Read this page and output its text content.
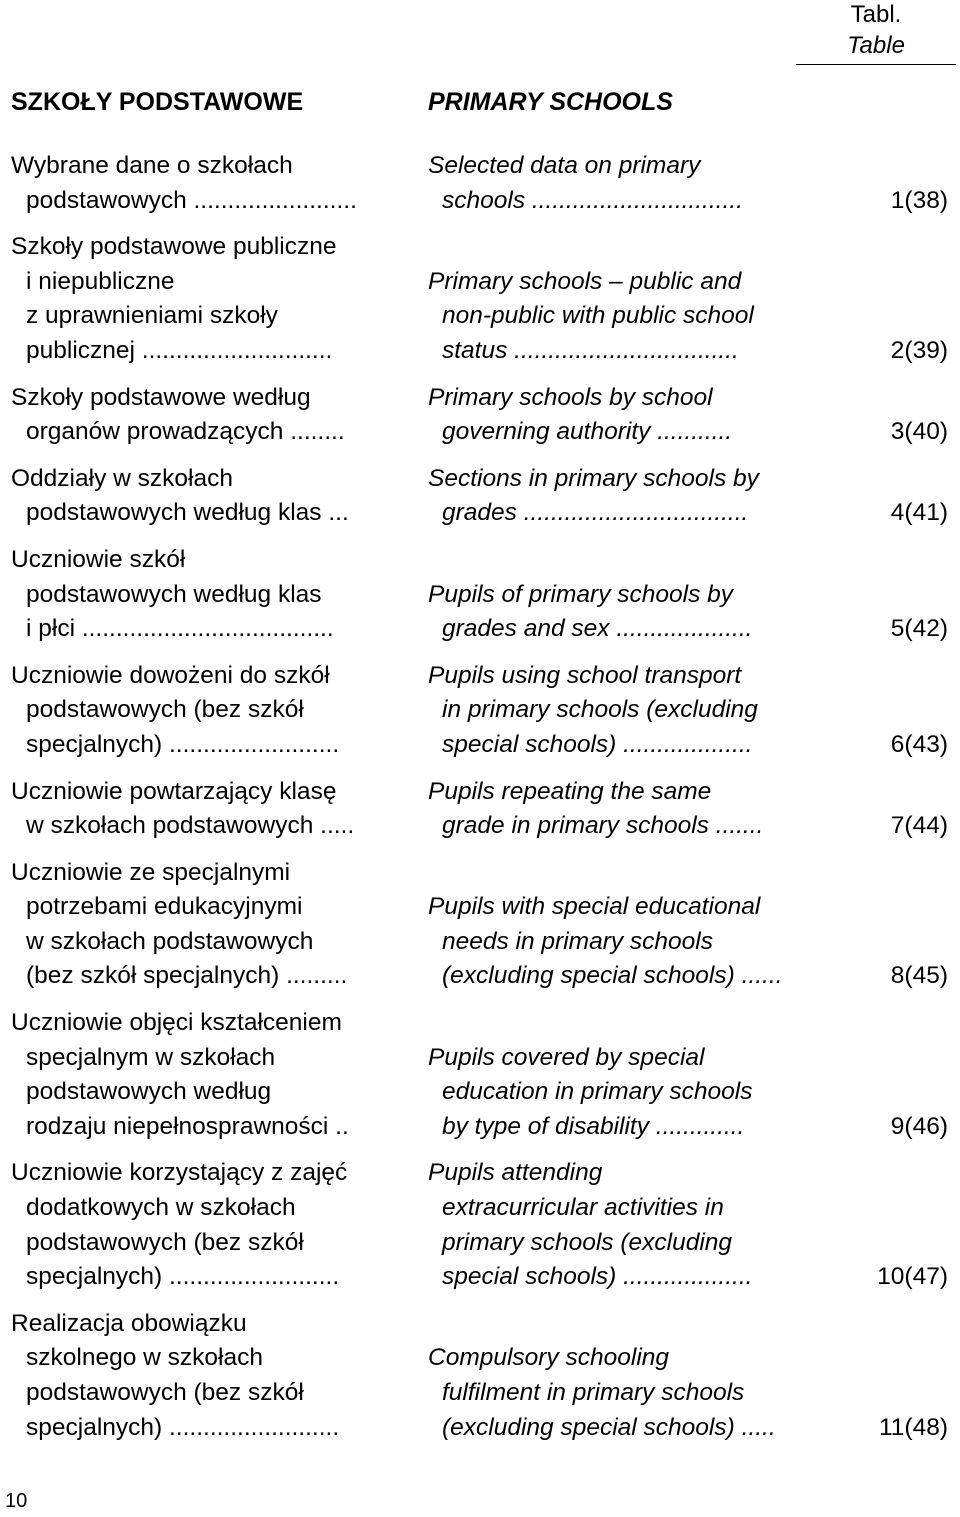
Tabl.
Table
SZKOŁY PODSTAWOWE	PRIMARY SCHOOLS
Wybrane dane o szkołach	Selected data on primary
podstawowych ........................	schools ...............................	1(38)
Szkoły podstawowe publiczne
i niepubliczne	Primary schools – public and
z uprawnieniami szkoły	non-public with public school
publicznej ............................	status .................................	2(39)
Szkoły podstawowe według	Primary schools by school
organów prowadzących ........	governing authority ...........	3(40)
Oddziały w szkołach	Sections in primary schools by
podstawowych według klas ...	grades .................................	4(41)
Uczniowie szkół
podstawowych według klas	Pupils of primary schools by
i płci .....................................	grades and sex ....................	5(42)
Uczniowie dowożeni do szkół	Pupils using school transport
podstawowych (bez szkół	in primary schools (excluding
specjalnych) .........................	special schools) ...................	6(43)
Uczniowie powtarzający klasę	Pupils repeating the same
w szkołach podstawowych .....	grade in primary schools .......	7(44)
Uczniowie ze specjalnymi
potrzebami edukacyjnymi	Pupils with special educational
w szkołach podstawowych	needs in primary schools
(bez szkół specjalnych) .........	(excluding special schools) ......	8(45)
Uczniowie objęci kształceniem
specjalnym w szkołach	Pupils covered by special
podstawowych według	education in primary schools
rodzaju niepełnosprawności ..	by type of disability .............	9(46)
Uczniowie korzystający z zajęć	Pupils attending
dodatkowych w szkołach	extracurricular activities in
podstawowych (bez szkół	primary schools (excluding
specjalnych) .........................	special schools) ...................	10(47)
Realizacja obowiązku
szkolnego w szkołach	Compulsory schooling
podstawowych (bez szkół	fulfilment in primary schools
specjalnych) .........................	(excluding special schools) .....	11(48)
10
